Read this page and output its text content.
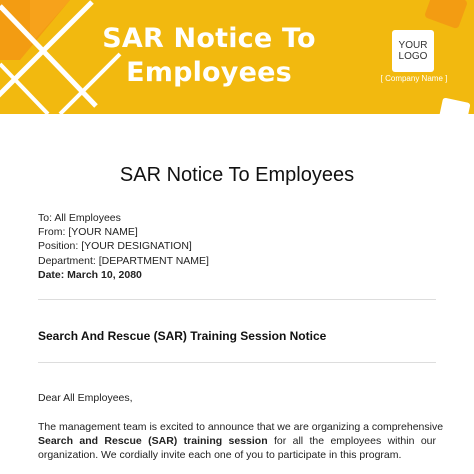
SAR Notice To Employees
YOUR
LOGO
[ Company Name ]
SAR Notice To Employees
To: All Employees
From: [YOUR NAME]
Position: [YOUR DESIGNATION]
Department: [DEPARTMENT NAME]
Date: March 10, 2080
Search And Rescue (SAR) Training Session Notice
Dear All Employees,
The management team is excited to announce that we are organizing a comprehensive
Search and Rescue (SAR) training session for all the employees within our
organization. We cordially invite each one of you to participate in this program.
